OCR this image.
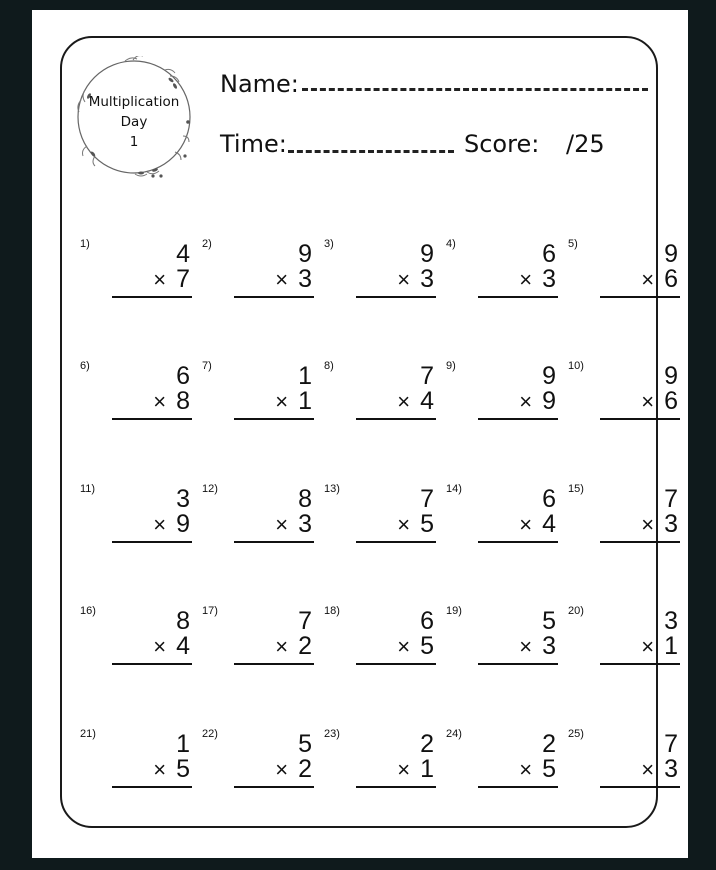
Multiplication
Day
1
Name:
Time:	Score: /25
1)	4
× 7
2)	9
× 3
3)	9
× 3
4)	6
× 3
5)	9
× 6
6)	6
× 8
7)	1
× 1
8)	7
× 4
9)	9
× 9
10)	9
× 6
11)	3
× 9
12)	8
× 3
13)	7
× 5
14)	6
× 4
15)	7
× 3
16)	8
× 4
17)	7
× 2
18)	6
× 5
19)	5
× 3
20)	3
× 1
21)	1
× 5
22)	5
× 2
23)	2
× 1
24)	2
× 5
25)	7
× 3
